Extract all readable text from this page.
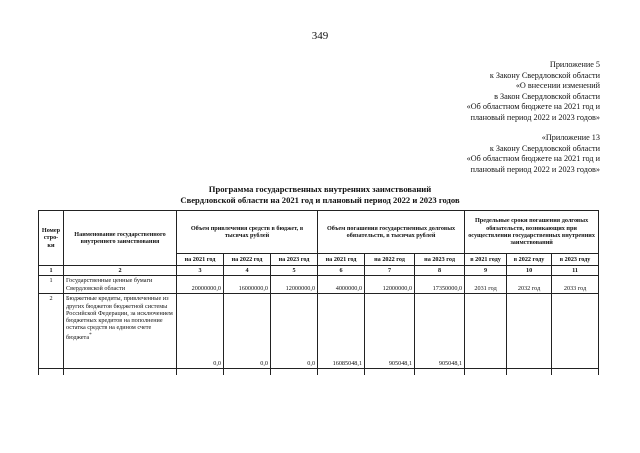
349
Приложение 5
к Закону Свердловской области
«О внесении изменений
в Закон Свердловской области
«Об областном бюджете на 2021 год и
плановый период 2022 и 2023 годов»
«Приложение 13
к Закону Свердловской области
«Об областном бюджете на 2021 год и
плановый период 2022 и 2023 годов»
Программа государственных внутренних заимствований
Свердловской области на 2021 год и плановый период 2022 и 2023 годов
Номер стро-ки	Наименование государственного внутреннего заимствования	Объем привлечения средств в бюджет, в тысячах рублей			Объем погашения государственных долговых обязательств, в тысячах рублей			Предельные сроки погашения долговых обязательств, возникающих при осуществлении государственных внутренних заимствований		
		на 2021 год	на 2022 год	на 2023 год	на 2021 год	на 2022 год	на 2023 год	в 2021 году	в 2022 году	в 2023 году
1	2	3	4	5	6	7	8	9	10	11
1	Государственные ценные бумаги Свердловской области	20000000,0	16000000,0	12000000,0	4000000,0	12000000,0	17350000,0	2031 год	2032 год	2033 год
2	Бюджетные кредиты, привлеченные из других бюджетов бюджетной системы Российской Федерации, за исключением бюджетных кредитов на пополнение остатка средств на едином счете бюджета*	0,0	0,0	0,0	16085048,1	905048,1	905048,1			
